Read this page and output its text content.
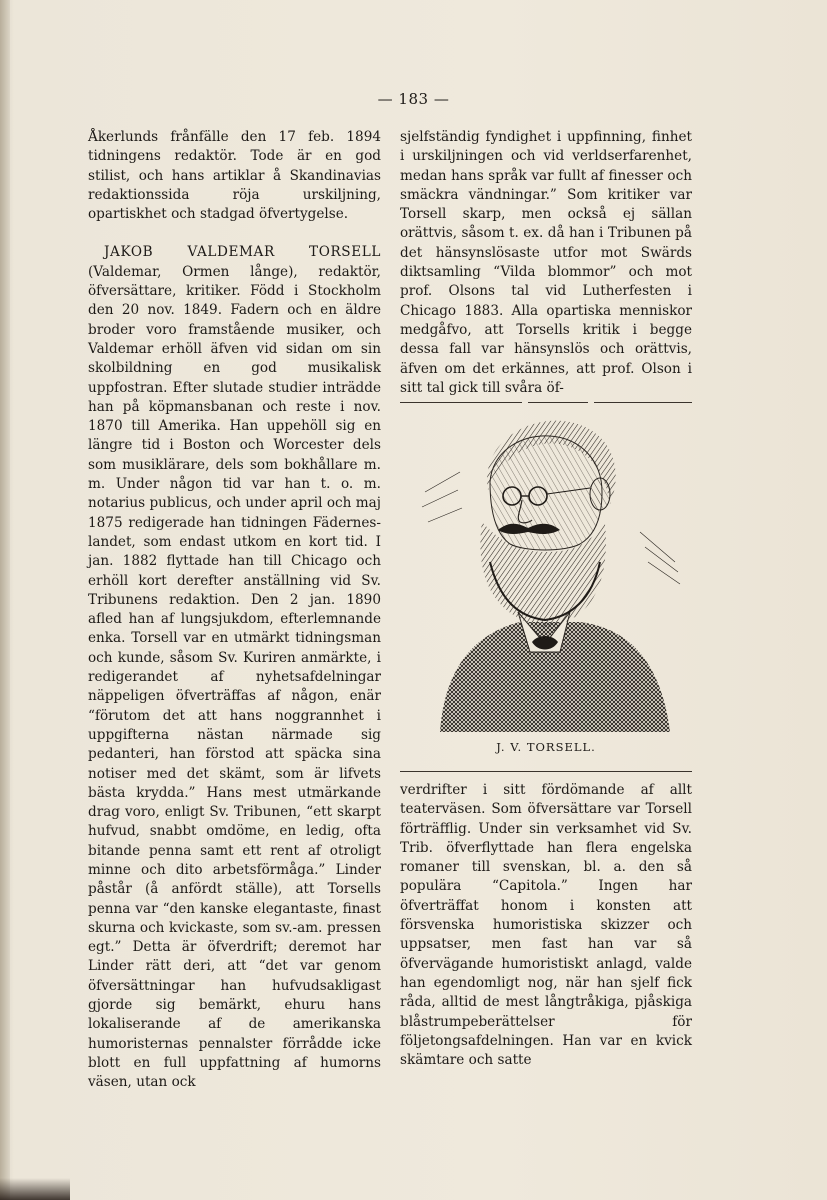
— 183 —

Åkerlunds frånfälle den 17 feb. 1894 tidningens redaktör. Tode är en god stilist, och hans artiklar å Skandinavias redaktionssida röja urskiljning, opartiskhet och stadgad öfvertygelse.

JAKOB VALDEMAR TORSELL (Valdemar, Ormen långe), redaktör, öfversättare, kritiker. Född i Stockholm den 20 nov. 1849. Fadern och en äldre broder voro framstående musiker, och Valdemar erhöll äfven vid sidan om sin skolbildning en god musikalisk uppfostran. Efter slutade studier inträdde han på köpmansbanan och reste i nov. 1870 till Amerika. Han uppehöll sig en längre tid i Boston och Worcester dels som musiklärare, dels som bokhållare m. m. Under någon tid var han t. o. m. notarius publicus, och under april och maj 1875 redigerade han tidningen Fäderneslandet, som endast utkom en kort tid. I jan. 1882 flyttade han till Chicago och erhöll kort derefter anställning vid Sv. Tribunens redaktion. Den 2 jan. 1890 afled han af lungsjukdom, efterlemnande enka. Torsell var en utmärkt tidningsman och kunde, såsom Sv. Kuriren anmärkte, i redigerandet af nyhetsafdelningar näppeligen öfverträffas af någon, enär “förutom det att hans noggrannhet i uppgifterna nästan närmade sig pedanteri, han förstod att späcka sina notiser med det skämt, som är lifvets bästa krydda.” Hans mest utmärkande drag voro, enligt Sv. Tribunen, “ett skarpt hufvud, snabbt omdöme, en ledig, ofta bitande penna samt ett rent af otroligt minne och dito arbetsförmåga.” Linder påstår (å anfördt ställe), att Torsells penna var “den kanske elegantaste, finast skurna och kvickaste, som sv.-am. pressen egt.” Detta är öfverdrift; deremot har Linder rätt deri, att “det var genom öfversättningar han hufvudsakligast gjorde sig bemärkt, ehuru hans lokaliserande af de amerikanska humoristernas pennalster förrådde icke blott en full uppfattning af humorns väsen, utan ock

sjelfständig fyndighet i uppfinning, finhet i urskiljningen och vid verldserfarenhet, medan hans språk var fullt af finesser och smäckra vändningar.” Som kritiker var Torsell skarp, men också ej sällan orättvis, såsom t. ex. då han i Tribunen på det hänsynslösaste utfor mot Swärds diktsamling “Vilda blommor” och mot prof. Olsons tal vid Lutherfesten i Chicago 1883. Alla opartiska menniskor medgåfvo, att Torsells kritik i begge dessa fall var hänsynslös och orättvis, äfven om det erkännes, att prof. Olson i sitt tal gick till svåra öf-

J. V. TORSELL.

verdrifter i sitt fördömande af allt teaterväsen. Som öfversättare var Torsell förträfflig. Under sin verksamhet vid Sv. Trib. öfverflyttade han flera engelska romaner till svenskan, bl. a. den så populära “Capitola.” Ingen har öfverträffat honom i konsten att försvenska humoristiska skizzer och uppsatser, men fast han var så öfvervägande humoristiskt anlagd, valde han egendomligt nog, när han sjelf fick råda, alltid de mest långtråkiga, pjåskiga blåstrumpeberättelser för följetongsafdelningen. Han var en kvick skämtare och satte
